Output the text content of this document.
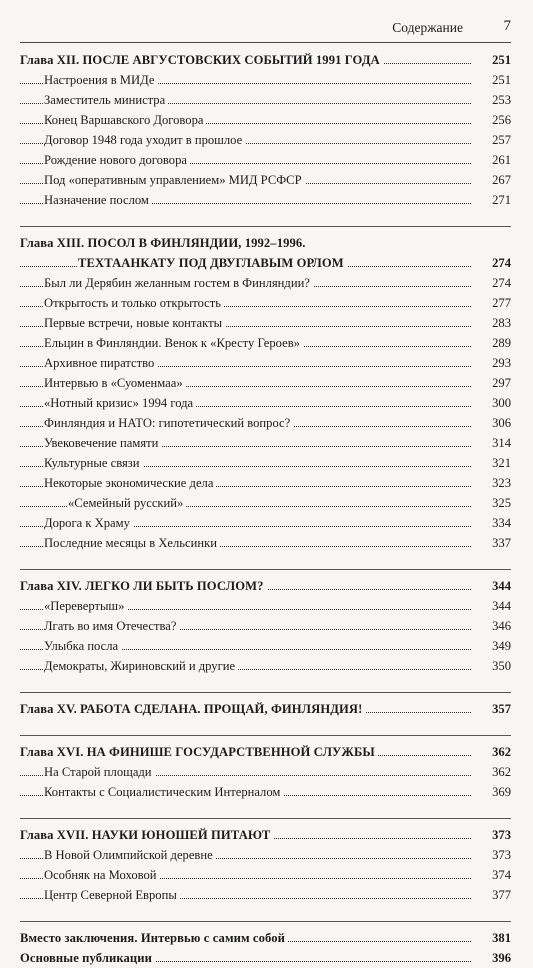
Содержание	7
Глава XII. ПОСЛЕ АВГУСТОВСКИХ СОБЫТИЙ 1991 ГОДА	251
Настроения в МИДе	251
Заместитель министра	253
Конец Варшавского Договора	256
Договор 1948 года уходит в прошлое	257
Рождение нового договора	261
Под «оперативным управлением» МИД РСФСР	267
Назначение послом	271
Глава XIII. ПОСОЛ В ФИНЛЯНДИИ, 1992–1996.
ТЕХТААНКАТУ ПОД ДВУГЛАВЫМ ОРЛОМ	274
Был ли Дерябин желанным гостем в Финляндии?	274
Открытость и только открытость	277
Первые встречи, новые контакты	283
Ельцин в Финляндии. Венок к «Кресту Героев»	289
Архивное пиратство	293
Интервью в «Суоменмаа»	297
«Нотный кризис» 1994 года	300
Финляндия и НАТО: гипотетический вопрос?	306
Увековечение памяти	314
Культурные связи	321
Некоторые экономические дела	323
«Семейный русский»	325
Дорога к Храму	334
Последние месяцы в Хельсинки	337
Глава XIV. ЛЕГКО ЛИ БЫТЬ ПОСЛОМ?	344
«Перевертыш»	344
Лгать во имя Отечества?	346
Улыбка посла	349
Демократы, Жириновский и другие	350
Глава XV. РАБОТА СДЕЛАНА. ПРОЩАЙ, ФИНЛЯНДИЯ!	357
Глава XVI. НА ФИНИШЕ ГОСУДАРСТВЕННОЙ СЛУЖБЫ	362
На Старой площади	362
Контакты с Социалистическим Интерналом	369
Глава XVII. НАУКИ ЮНОШЕЙ ПИТАЮТ	373
В Новой Олимпийской деревне	373
Особняк на Моховой	374
Центр Северной Европы	377
Вместо заключения. Интервью с самим собой	381
Основные публикации	396
